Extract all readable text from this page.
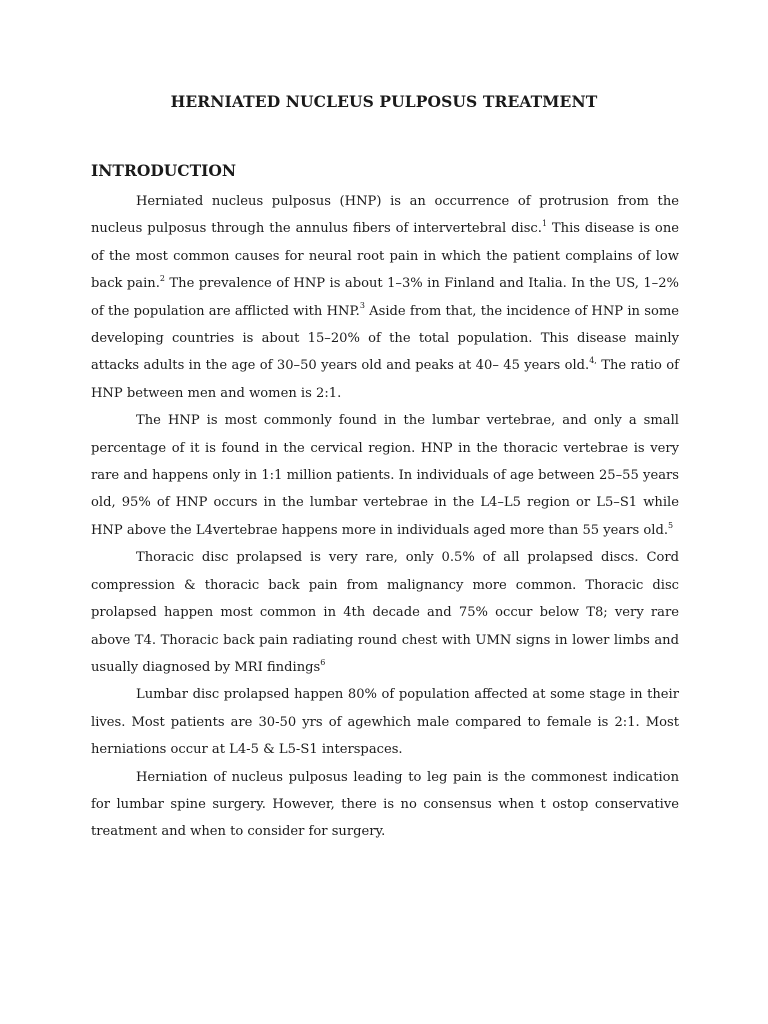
HERNIATED NUCLEUS PULPOSUS TREATMENT
INTRODUCTION

Herniated nucleus pulposus (HNP) is an occurrence of protrusion from the nucleus pulposus through the annulus fibers of intervertebral disc.$^1$ This disease is one of the most common causes for neural root pain in which the patient complains of low back pain.$^2$ The prevalence of HNP is about 1–3% in Finland and Italia. In the US, 1–2% of the population are afflicted with HNP.$^3$ Aside from that, the incidence of HNP in some developing countries is about 15–20% of the total population. This disease mainly attacks adults in the age of 30–50 years old and peaks at 40– 45 years old.$^{4,}$ The ratio of HNP between men and women is 2:1.

The HNP is most commonly found in the lumbar vertebrae, and only a small percentage of it is found in the cervical region. HNP in the thoracic vertebrae is very rare and happens only in 1:1 million patients. In individuals of age between 25–55 years old, 95% of HNP occurs in the lumbar vertebrae in the L4–L5 region or L5–S1 while HNP above the L4vertebrae happens more in individuals aged more than 55 years old.$^5$

Thoracic disc prolapsed is very rare, only 0.5% of all prolapsed discs. Cord compression & thoracic back pain from malignancy more common. Thoracic disc prolapsed happen most common in 4th decade and 75% occur below T8; very rare above T4. Thoracic back pain radiating round chest with UMN signs in lower limbs and usually diagnosed by MRI findings$^6$

Lumbar disc prolapsed happen 80% of population affected at some stage in their lives. Most patients are 30-50 yrs of agewhich male compared to female is 2:1. Most herniations occur at L4-5 & L5-S1 interspaces.

Herniation of nucleus pulposus leading to leg pain is the commonest indication for lumbar spine surgery. However, there is no consensus when t ostop conservative treatment and when to consider for surgery.
